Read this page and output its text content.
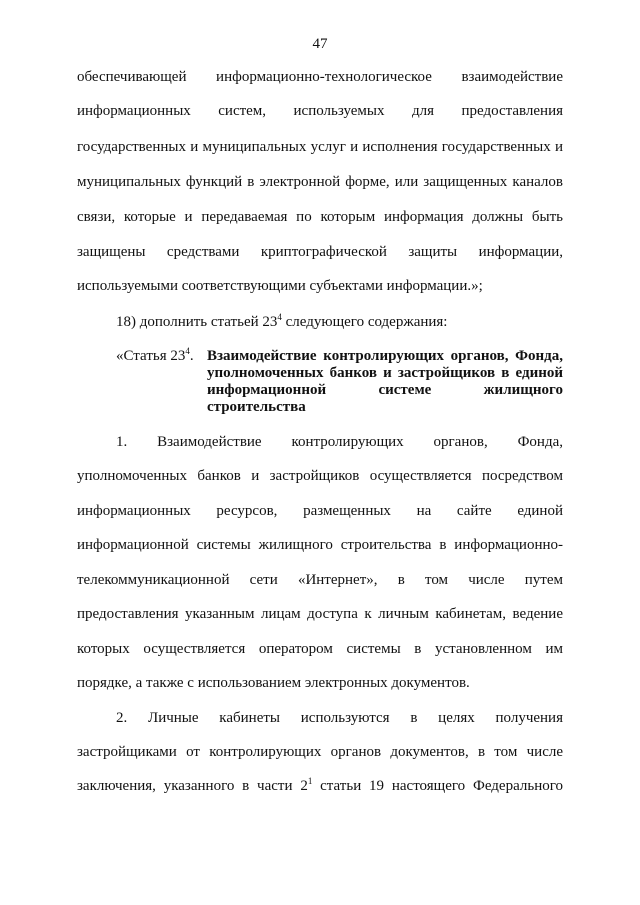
47
обеспечивающей информационно-технологическое взаимодействие
информационных систем, используемых для предоставления
государственных и муниципальных услуг и исполнения государственных и
муниципальных функций в электронной форме, или защищенных каналов
связи, которые и передаваемая по которым информация должны быть
защищены средствами криптографической защиты информации,
используемыми соответствующими субъектами информации.»;
18) дополнить статьей $23^4$ следующего содержания:
«Статья $23^4$. Взаимодействие контролирующих органов, Фонда,
уполномоченных банков и застройщиков в единой
информационной системе жилищного
строительства
1. Взаимодействие контролирующих органов, Фонда,
уполномоченных банков и застройщиков осуществляется посредством
информационных ресурсов, размещенных на сайте единой
информационной системы жилищного строительства в информационно-
телекоммуникационной сети «Интернет», в том числе путем
предоставления указанным лицам доступа к личным кабинетам, ведение
которых осуществляется оператором системы в установленном им
порядке, а также с использованием электронных документов.
2. Личные кабинеты используются в целях получения
застройщиками от контролирующих органов документов, в том числе
заключения, указанного в части $2^1$ статьи 19 настоящего Федерального
